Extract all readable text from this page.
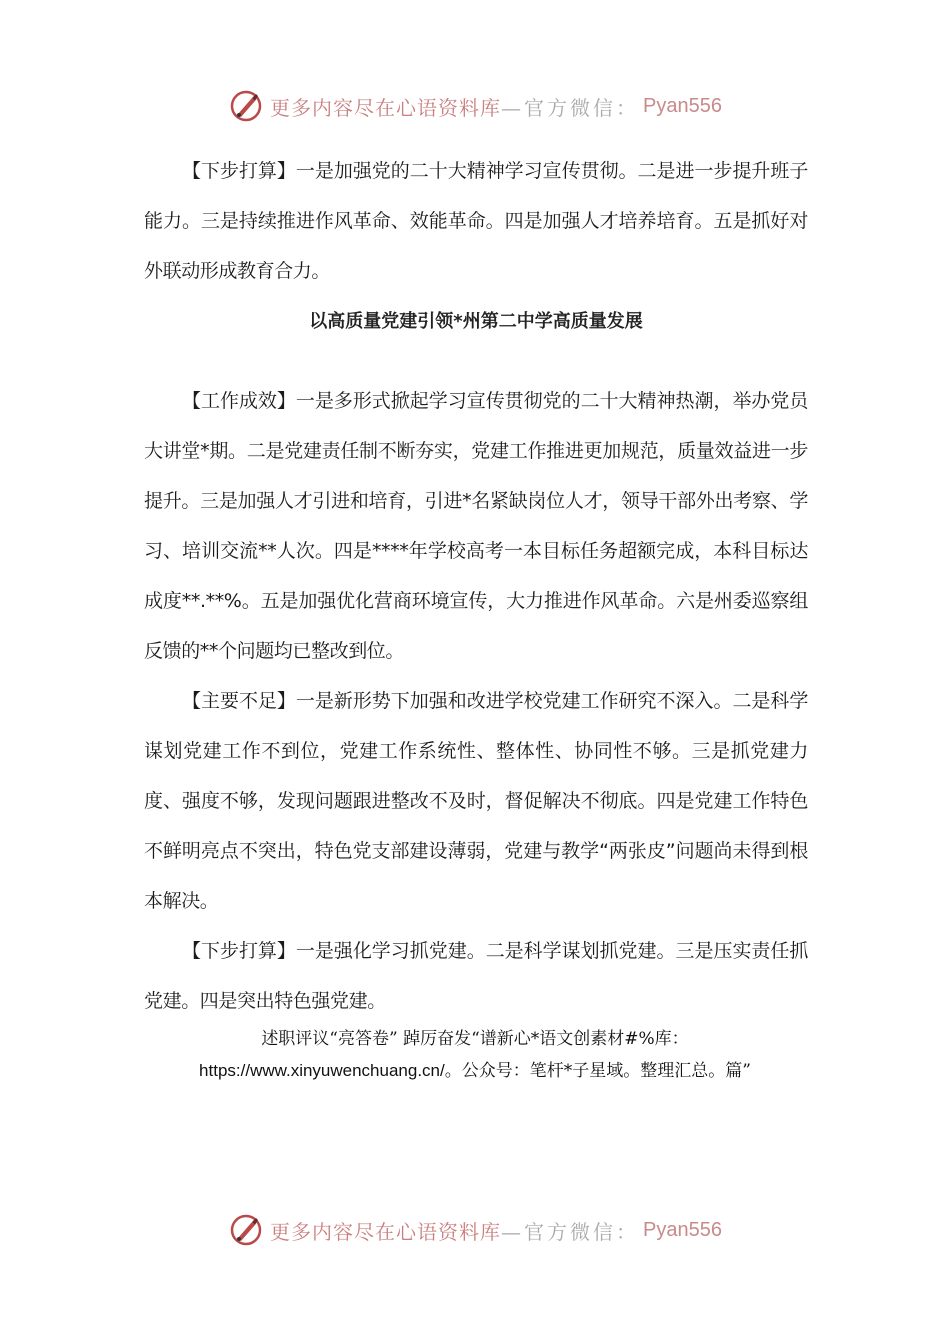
更多内容尽在心语资料库 —官方微信： Pyan556

【下步打算】一是加强党的二十大精神学习宣传贯彻。二是进一步提升班子能力。三是持续推进作风革命、效能革命。四是加强人才培养培育。五是抓好对外联动形成教育合力。

以高质量党建引领*州第二中学高质量发展

【工作成效】一是多形式掀起学习宣传贯彻党的二十大精神热潮，举办党员大讲堂*期。二是党建责任制不断夯实，党建工作推进更加规范，质量效益进一步提升。三是加强人才引进和培育，引进*名紧缺岗位人才，领导干部外出考察、学习、培训交流**人次。四是****年学校高考一本目标任务超额完成，本科目标达成度**.**%。五是加强优化营商环境宣传，大力推进作风革命。六是州委巡察组反馈的**个问题均已整改到位。

【主要不足】一是新形势下加强和改进学校党建工作研究不深入。二是科学谋划党建工作不到位，党建工作系统性、整体性、协同性不够。三是抓党建力度、强度不够，发现问题跟进整改不及时，督促解决不彻底。四是党建工作特色不鲜明亮点不突出，特色党支部建设薄弱，党建与教学“两张皮”问题尚未得到根本解决。

【下步打算】一是强化学习抓党建。二是科学谋划抓党建。三是压实责任抓党建。四是突出特色强党建。

述职评议“亮答卷” 踔厉奋发“谱新心*语文创素材#%库：
https://www.xinyuwenchuang.cn/。公众号：笔杆*子星域。整理汇总。篇”
更多内容尽在心语资料库 —官方微信： Pyan556
